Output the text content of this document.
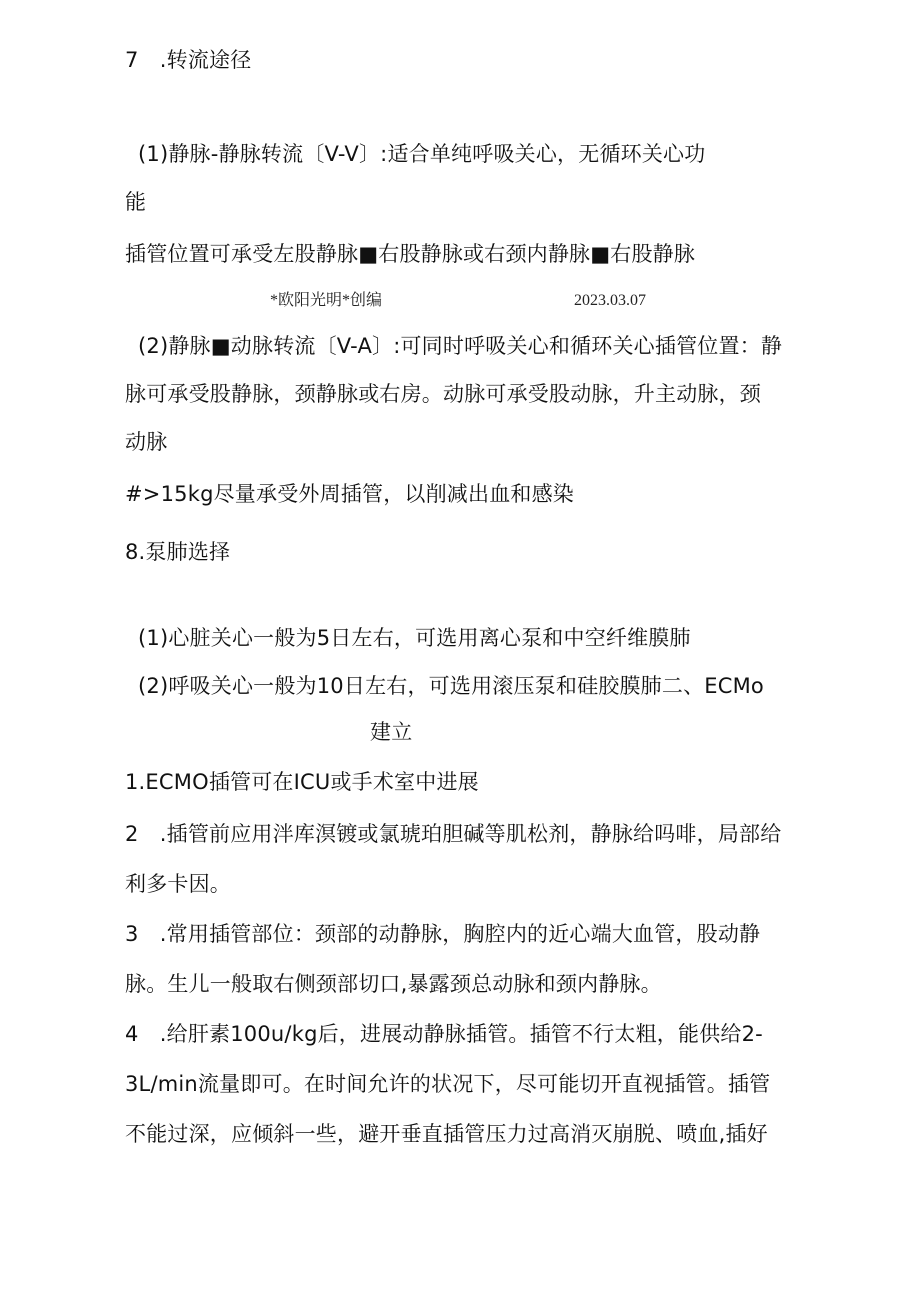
7 .转流途径
(1)静脉-静脉转流〔V-V〕:适合单纯呼吸关心，无循环关心功
能
插管位置可承受左股静脉■右股静脉或右颈内静脉■右股静脉
*欧阳光明*创编	2023.03.07
(2)静脉■动脉转流〔V-A〕:可同时呼吸关心和循环关心插管位置：静
脉可承受股静脉，颈静脉或右房。动脉可承受股动脉，升主动脉，颈
动脉
#>15kg尽量承受外周插管，以削减出血和感染
8.泵肺选择
(1)心脏关心一般为5日左右，可选用离心泵和中空纤维膜肺
(2)呼吸关心一般为10日左右，可选用滚压泵和硅胶膜肺二、ECMo
建立
1.ECMO插管可在ICU或手术室中进展
2 .插管前应用泮库溟镀或氯琥珀胆碱等肌松剂，静脉给吗啡，局部给
利多卡因。
3 .常用插管部位：颈部的动静脉，胸腔内的近心端大血管，股动静
脉。生儿一般取右侧颈部切口,暴露颈总动脉和颈内静脉。
4 .给肝素100u/kg后，进展动静脉插管。插管不行太粗，能供给2-
3L/min流量即可。在时间允许的状况下，尽可能切开直视插管。插管
不能过深，应倾斜一些，避开垂直插管压力过高消灭崩脱、喷血,插好
